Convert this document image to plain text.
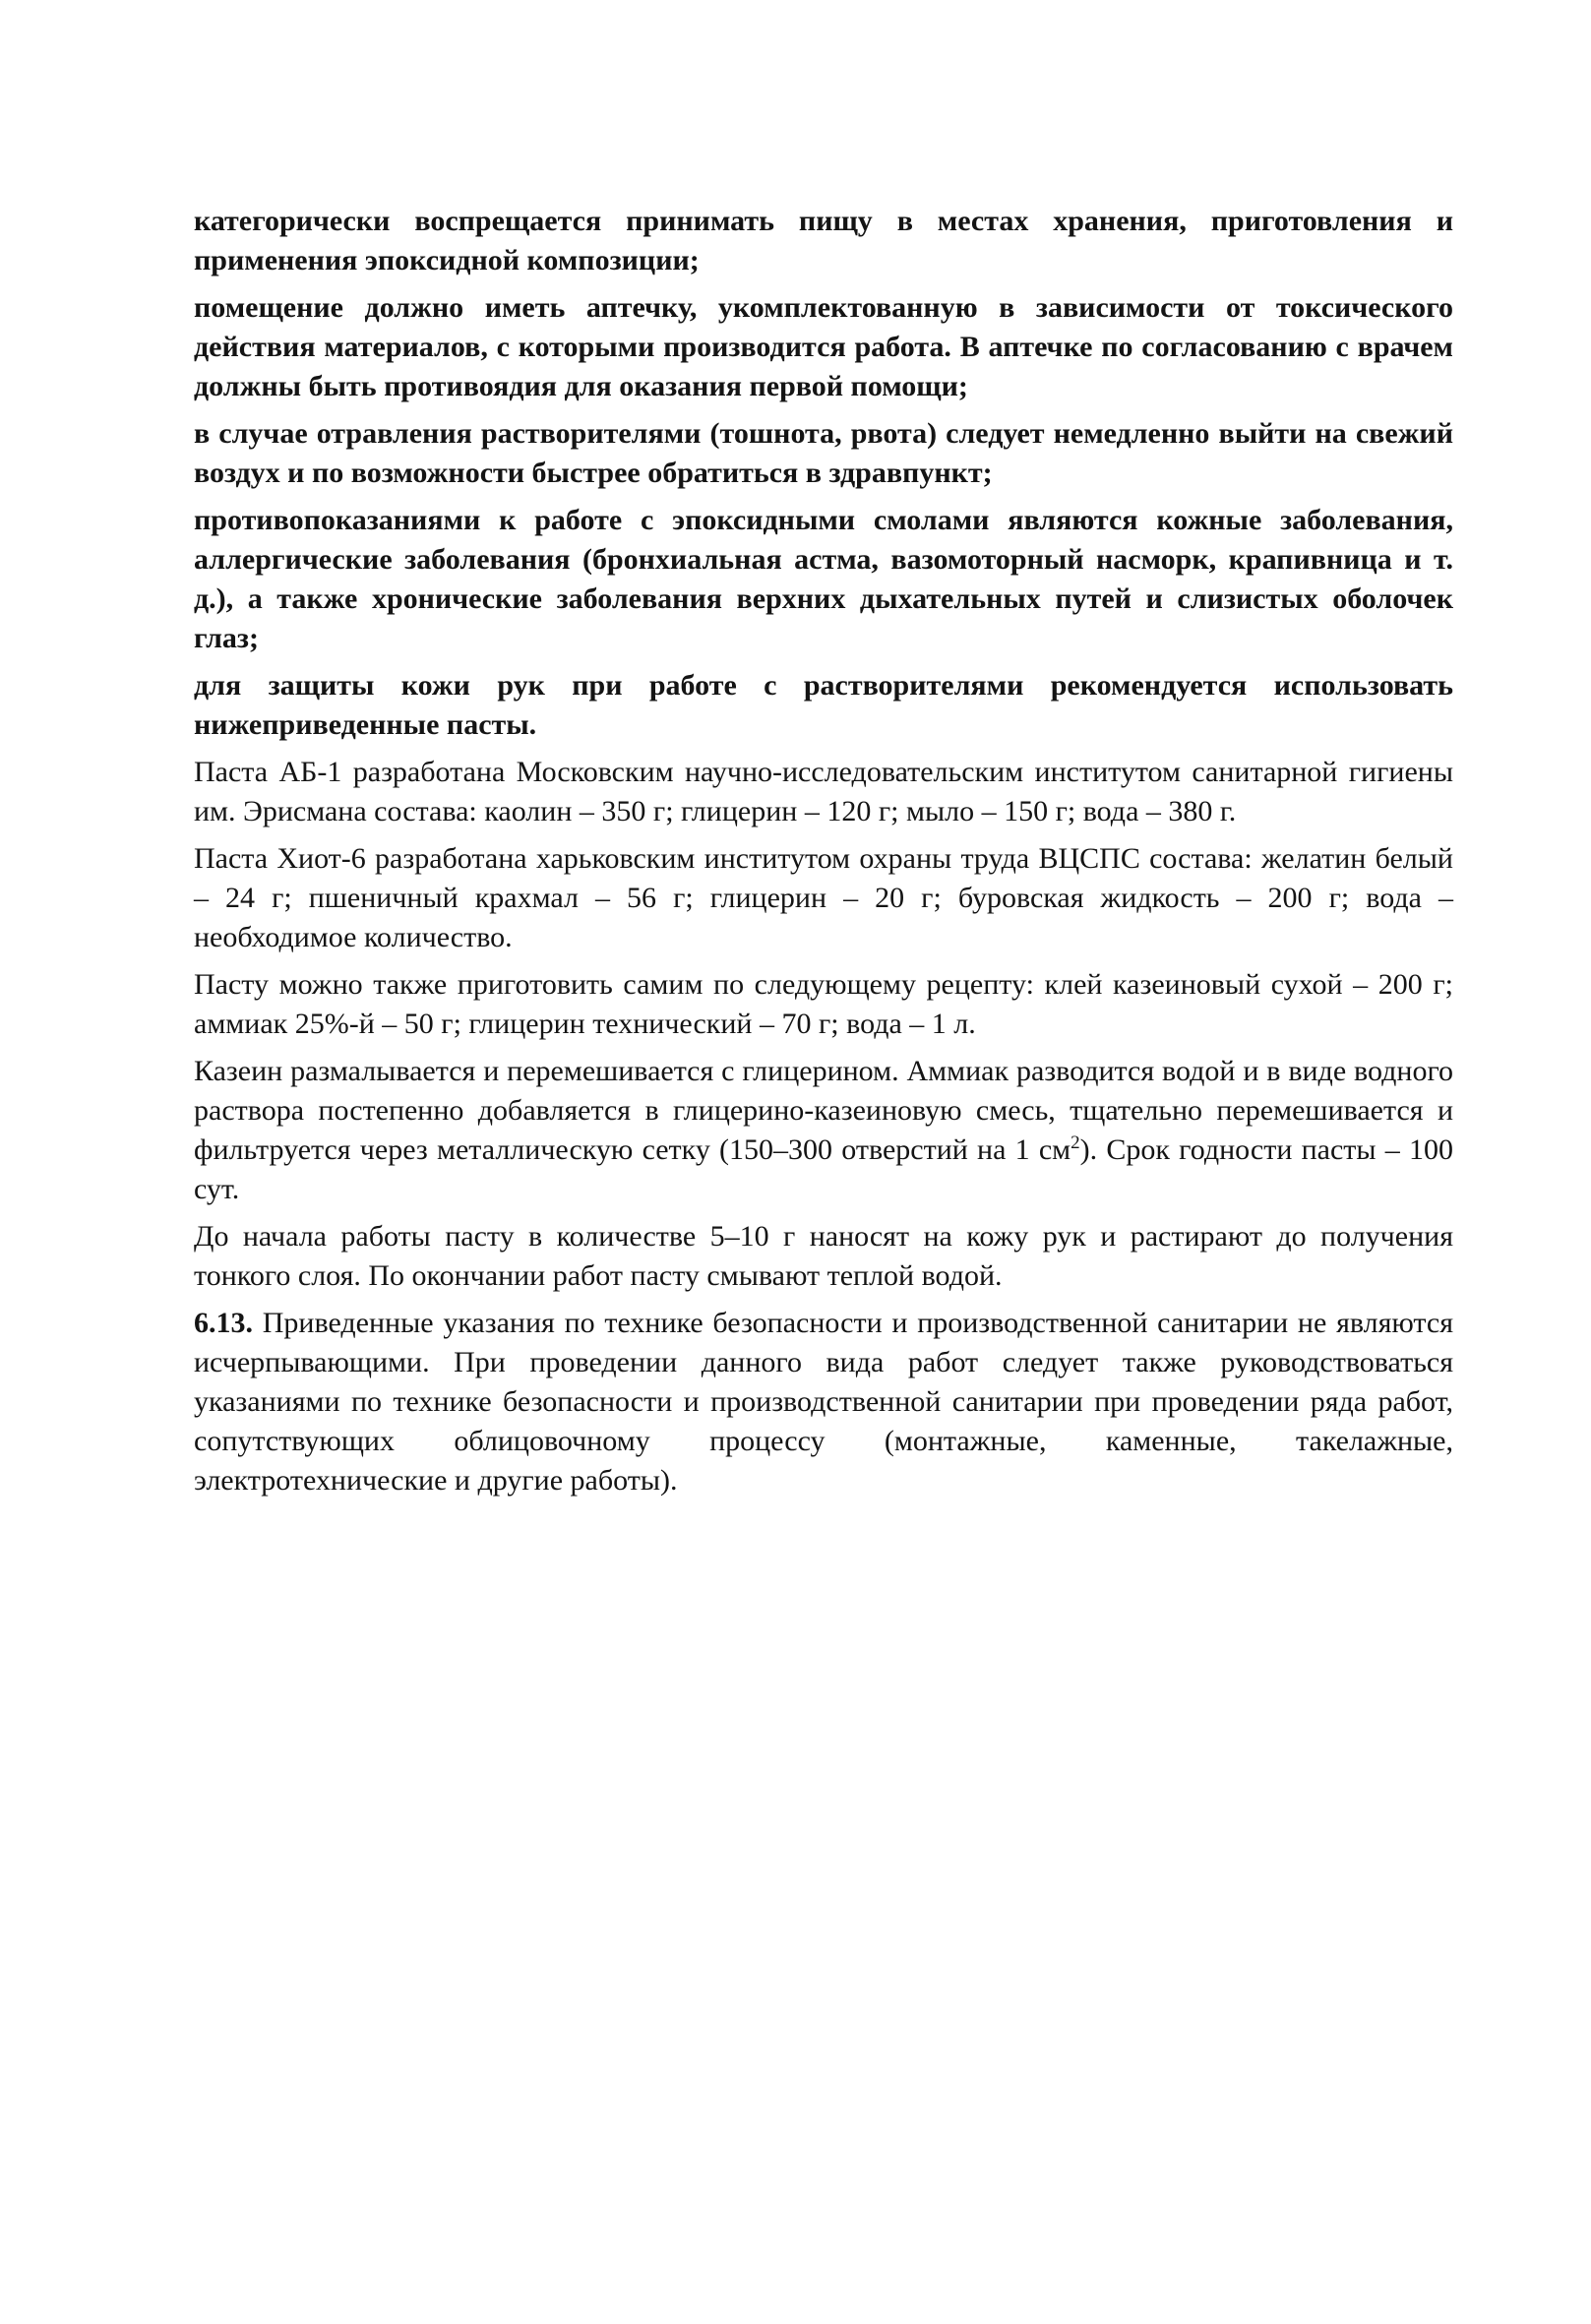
категорически воспрещается принимать пищу в местах хранения, приготовления и применения эпоксидной композиции;

помещение должно иметь аптечку, укомплектованную в зависимости от токсического действия материалов, с которыми производится работа. В аптечке по согласованию с врачем должны быть противоядия для оказания первой помощи;

в случае отравления растворителями (тошнота, рвота) следует немедленно выйти на свежий воздух и по возможности быстрее обратиться в здравпункт;

противопоказаниями к работе с эпоксидными смолами являются кожные заболевания, аллергические заболевания (бронхиальная астма, вазомоторный насморк, крапивница и т. д.), а также хронические заболевания верхних дыхательных путей и слизистых оболочек глаз;

для защиты кожи рук при работе с растворителями рекомендуется использовать нижеприведенные пасты.

Паста АБ-1 разработана Московским научно-исследовательским институтом санитарной гигиены им. Эрисмана состава: каолин – 350 г; глицерин – 120 г; мыло – 150 г; вода – 380 г.

Паста Хиот-6 разработана харьковским институтом охраны труда ВЦСПС состава: желатин белый – 24 г; пшеничный крахмал – 56 г; глицерин – 20 г; буровская жидкость – 200 г; вода – необходимое количество.

Пасту можно также приготовить самим по следующему рецепту: клей казеиновый сухой – 200 г; аммиак 25%-й – 50 г; глицерин технический – 70 г; вода – 1 л.

Казеин размалывается и перемешивается с глицерином. Аммиак разводится водой и в виде водного раствора постепенно добавляется в глицерино-казеиновую смесь, тщательно перемешивается и фильтруется через металлическую сетку (150–300 отверстий на 1 $см^2$). Срок годности пасты – 100 сут.

До начала работы пасту в количестве 5–10 г наносят на кожу рук и растирают до получения тонкого слоя. По окончании работ пасту смывают теплой водой.

6.13. Приведенные указания по технике безопасности и производственной санитарии не являются исчерпывающими. При проведении данного вида работ следует также руководствоваться указаниями по технике безопасности и производственной санитарии при проведении ряда работ, сопутствующих облицовочному процессу (монтажные, каменные, такелажные, электротехнические и другие работы).
